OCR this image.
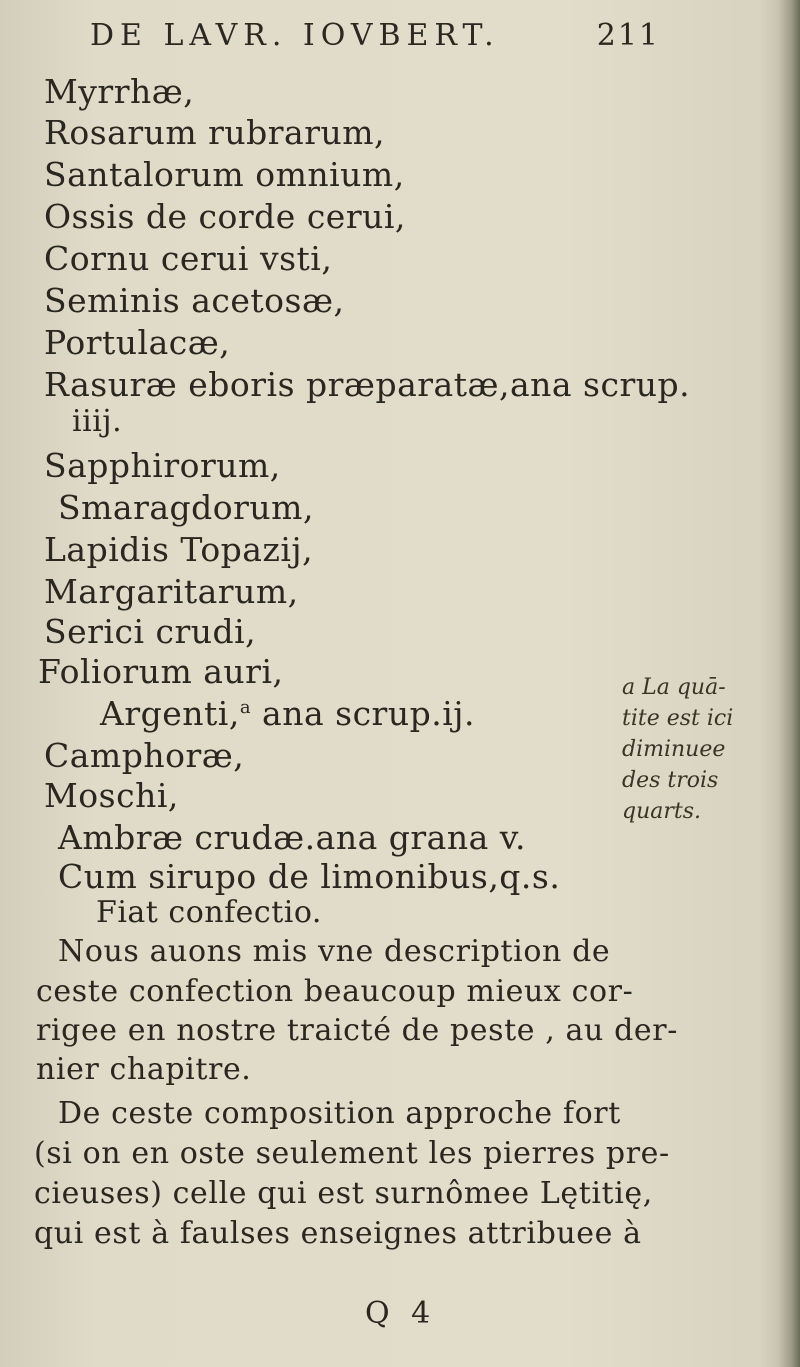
DE LAVR. IOVBERT.	211
Myrrhæ,
Rosarum rubrarum,
Santalorum omnium,
Ossis de corde cerui,
Cornu cerui vsti,
Seminis acetosæ,
Portulacæ,
Rasuræ eboris præparatæ,ana scrup.
iiij.
Sapphirorum,
Smaragdorum,
Lapidis Topazij,
Margaritarum,
Serici crudi,
Foliorum auri,
Argenti,$^a$ ana scrup.ij.
Camphoræ,
Moschi,
Ambræ crudæ.ana grana v.
Cum sirupo de limonibus,q.s.
Fiat confectio.
Nous auons mis vne description de
ceste confection beaucoup mieux cor-
rigee en nostre traicté de peste , au der-
nier chapitre.
De ceste composition approche fort
(si on en oste seulement les pierres pre-
cieuses) celle qui est surnômee Lętitię,
qui est à faulses enseignes attribuee à
a La quā-
tite est ici
diminuee
des trois
quarts.
Q 4
